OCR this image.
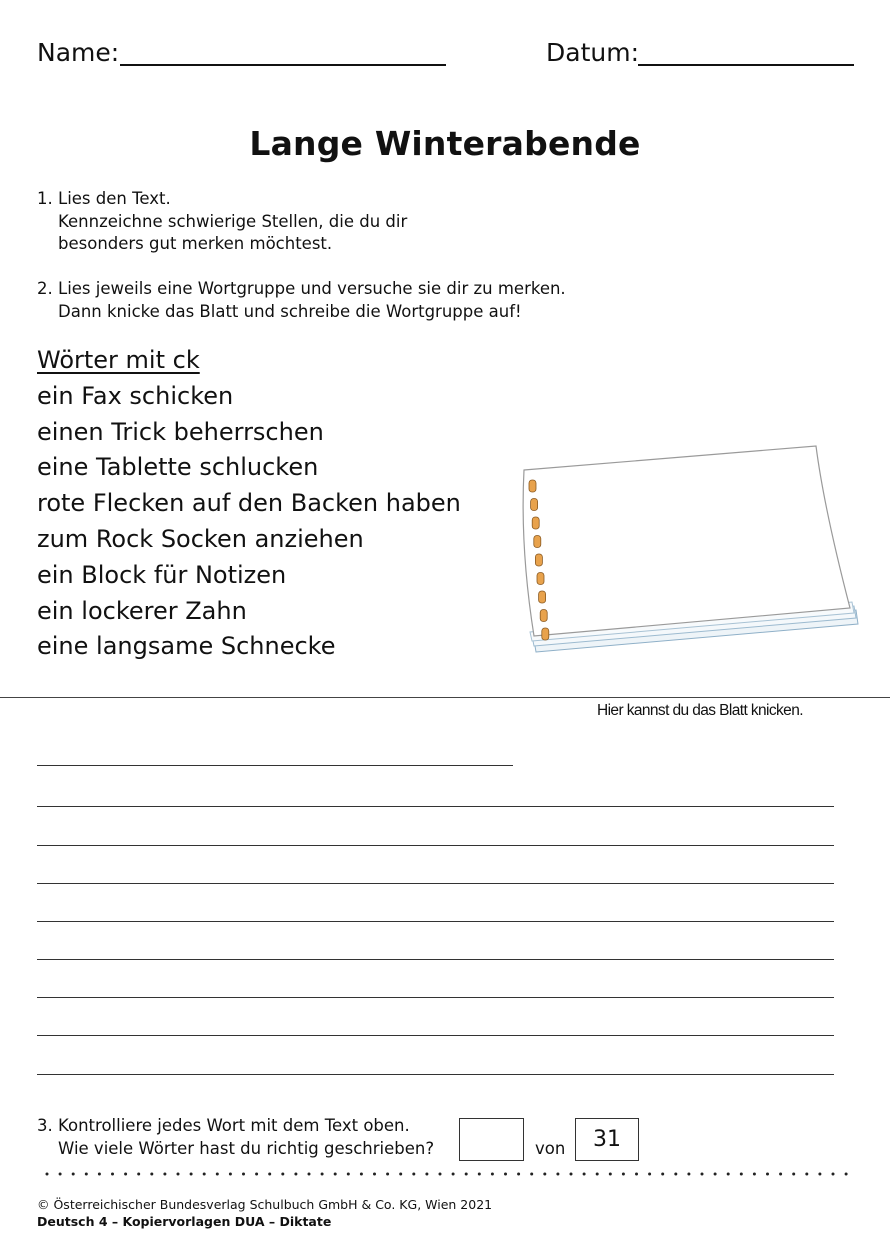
Name:	Datum:
Lange Winterabende
1. Lies den Text.
Kennzeichne schwierige Stellen, die du dir
besonders gut merken möchtest.
2. Lies jeweils eine Wortgruppe und versuche sie dir zu merken.
Dann knicke das Blatt und schreibe die Wortgruppe auf!
Wörter mit ck
ein Fax schicken
einen Trick beherrschen
eine Tablette schlucken
rote Flecken auf den Backen haben
zum Rock Socken anziehen
ein Block für Notizen
ein lockerer Zahn
eine langsame Schnecke
Hier kannst du das Blatt knicken.
3. Kontrolliere jedes Wort mit dem Text oben.
Wie viele Wörter hast du richtig geschrieben?	von	31
© Österreichischer Bundesverlag Schulbuch GmbH & Co. KG, Wien 2021
Deutsch 4 – Kopiervorlagen DUA – Diktate
